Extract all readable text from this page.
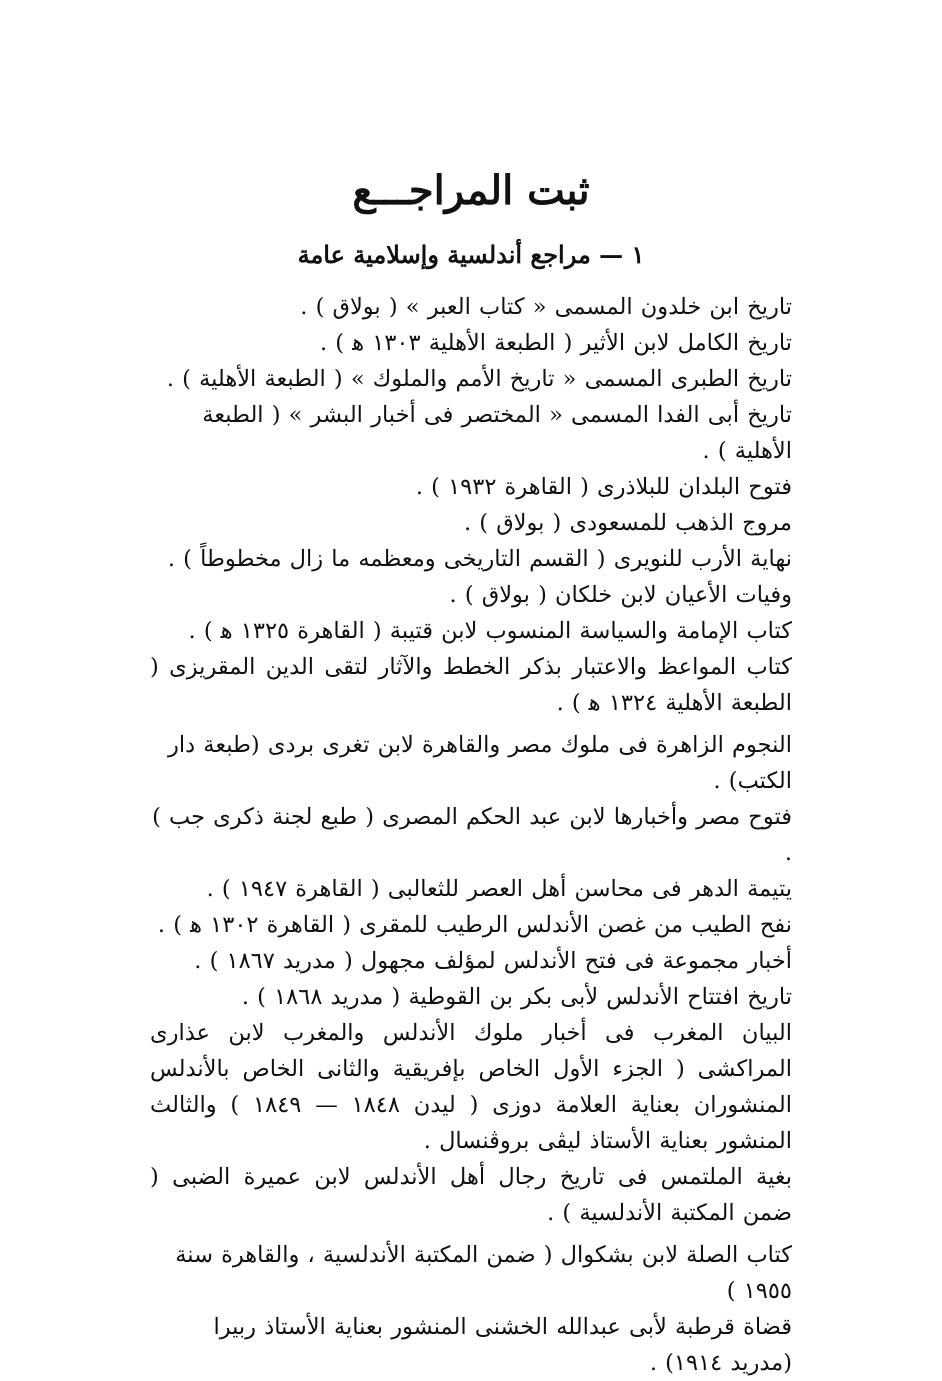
ثبت المراجـــع
١ — مراجع أندلسية وإسلامية عامة
تاريخ ابن خلدون المسمى « كتاب العبر » ( بولاق ) .
تاريخ الكامل لابن الأثير ( الطبعة الأهلية ١٣٠٣ ﻫ ) .
تاريخ الطبرى المسمى « تاريخ الأمم والملوك » ( الطبعة الأهلية ) .
تاريخ أبى الفدا المسمى « المختصر فى أخبار البشر » ( الطبعة الأهلية ) .
فتوح البلدان للبلاذرى ( القاهرة ١٩٣٢ ) .
مروج الذهب للمسعودى ( بولاق ) .
نهاية الأرب للنويرى ( القسم التاريخى ومعظمه ما زال مخطوطاً ) .
وفيات الأعيان لابن خلكان ( بولاق ) .
كتاب الإمامة والسياسة المنسوب لابن قتيبة ( القاهرة ١٣٢٥ ﻫ ) .
كتاب المواعظ والاعتبار بذكر الخطط والآثار لتقى الدين المقريزى ( الطبعة الأهلية ١٣٢٤ ﻫ ) .
النجوم الزاهرة فى ملوك مصر والقاهرة لابن تغرى بردى (طبعة دار الكتب) .
فتوح مصر وأخبارها لابن عبد الحكم المصرى ( طبع لجنة ذكرى جب ) .
يتيمة الدهر فى محاسن أهل العصر للثعالبى ( القاهرة ١٩٤٧ ) .
نفح الطيب من غصن الأندلس الرطيب للمقرى ( القاهرة ١٣٠٢ ﻫ ) .
أخبار مجموعة فى فتح الأندلس لمؤلف مجهول ( مدريد ١٨٦٧ ) .
تاريخ افتتاح الأندلس لأبى بكر بن القوطية ( مدريد ١٨٦٨ ) .
البيان المغرب فى أخبار ملوك الأندلس والمغرب لابن عذارى المراكشى ( الجزء الأول الخاص بإفريقية والثانى الخاص بالأندلس المنشوران بعناية العلامة دوزى ( ليدن ١٨٤٨ — ١٨٤٩ ) والثالث المنشور بعناية الأستاذ ليڤى بروڤنسال .
بغية الملتمس فى تاريخ رجال أهل الأندلس لابن عميرة الضبى ( ضمن المكتبة الأندلسية ) .
كتاب الصلة لابن بشكوال ( ضمن المكتبة الأندلسية ، والقاهرة سنة ١٩٥٥ )
قضاة قرطبة لأبى عبدالله الخشنى المنشور بعناية الأستاذ ربيرا (مدريد ١٩١٤) .
